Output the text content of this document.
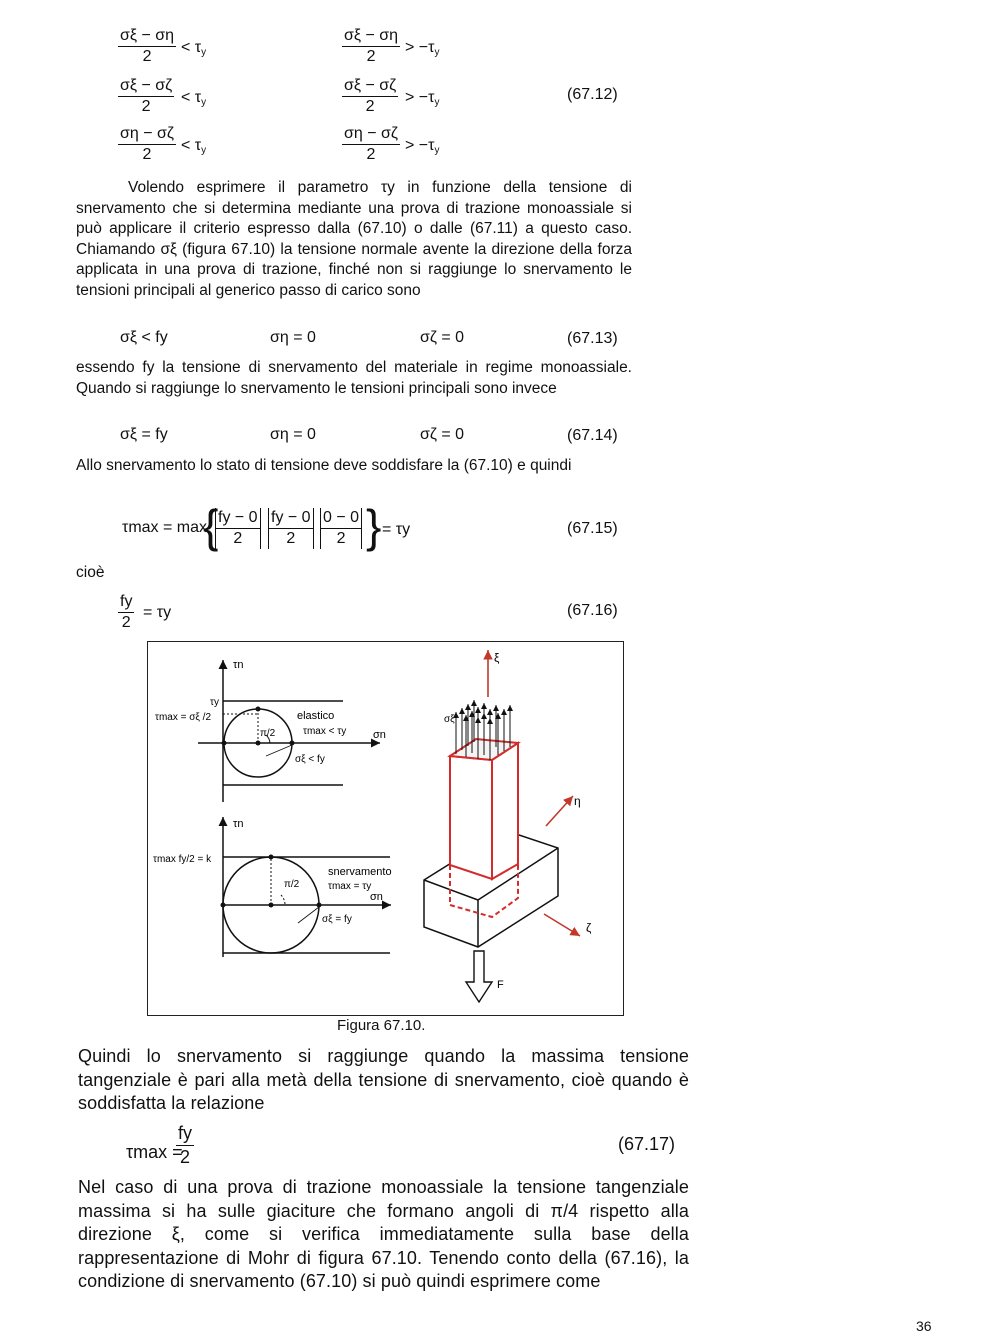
$\frac{\sigma\xi - \sigma\eta}{2} < \tau_y$	$\frac{\sigma\xi - \sigma\eta}{2} > -\tau_y$
$\frac{\sigma\xi - \sigma\zeta}{2} < \tau_y$	$\frac{\sigma\xi - \sigma\zeta}{2} > -\tau_y$
$\frac{\sigma\eta - \sigma\zeta}{2} < \tau_y$	$\frac{\sigma\eta - \sigma\zeta}{2} > -\tau_y$
(67.12)
Volendo esprimere il parametro τy in funzione della tensione di snervamento che si determina mediante una prova di trazione monoassiale si può applicare il criterio espresso dalla (67.10) o dalle (67.11) a questo caso. Chiamando σξ (figura 67.10) la tensione normale avente la direzione della forza applicata in una prova di trazione, finché non si raggiunge lo snervamento le tensioni principali al generico passo di carico sono
σξ < fy	ση = 0	σζ = 0	(67.13)
essendo fy la tensione di snervamento del materiale in regime monoassiale. Quando si raggiunge lo snervamento le tensioni principali sono invece
σξ = fy	ση = 0	σζ = 0	(67.14)
Allo snervamento lo stato di tensione deve soddisfare la (67.10) e quindi
τmax = max
{
$\frac{fy - 0}{2} \frac{fy - 0}{2} \frac{0 - 0}{2}$ } = τy	(67.15)
cioè
$\frac{fy}{2} = \tau y$	(67.16)
τn
σn
τy
τmax = σξ /2	elastico
τmax < τy
π/2
σξ < fy
τn
σn
τmax fy/2 = k
snervamento
τmax = τy
π/2
σξ = fy
σξ
ξ
η
ζ
F
Figura 67.10.
Quindi lo snervamento si raggiunge quando la massima tensione tangenziale è pari alla metà della tensione di snervamento, cioè quando è soddisfatta la relazione
τmax =
$\frac{fy}{2}$	(67.17)
Nel caso di una prova di trazione monoassiale la tensione tangenziale massima si ha sulle giaciture che formano angoli di π/4 rispetto alla direzione ξ, come si verifica immediatamente sulla base della rappresentazione di Mohr di figura 67.10. Tenendo conto della (67.16), la condizione di snervamento (67.10) si può quindi esprimere come
36
